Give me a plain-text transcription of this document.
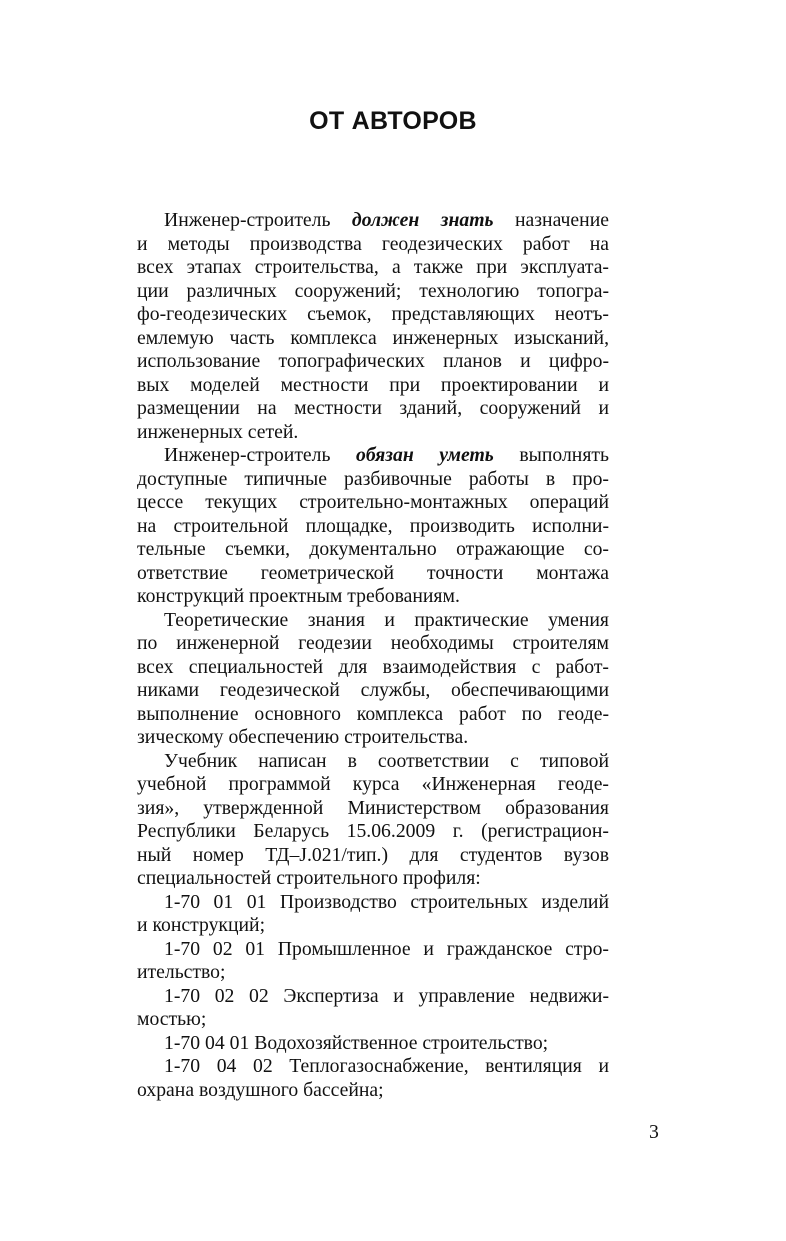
ОТ АВТОРОВ
Инженер-строитель должен знать назначение
и методы производства геодезических работ на
всех этапах строительства, а также при эксплуата-
ции различных сооружений; технологию топогра-
фо-геодезических съемок, представляющих неотъ-
емлемую часть комплекса инженерных изысканий,
использование топографических планов и цифро-
вых моделей местности при проектировании и
размещении на местности зданий, сооружений и
инженерных сетей.
Инженер-строитель обязан уметь выполнять
доступные типичные разбивочные работы в про-
цессе текущих строительно-монтажных операций
на строительной площадке, производить исполни-
тельные съемки, документально отражающие со-
ответствие геометрической точности монтажа
конструкций проектным требованиям.
Теоретические знания и практические умения
по инженерной геодезии необходимы строителям
всех специальностей для взаимодействия с работ-
никами геодезической службы, обеспечивающими
выполнение основного комплекса работ по геоде-
зическому обеспечению строительства.
Учебник написан в соответствии с типовой
учебной программой курса «Инженерная геоде-
зия», утвержденной Министерством образования
Республики Беларусь 15.06.2009 г. (регистрацион-
ный номер ТД–J.021/тип.) для студентов вузов
специальностей строительного профиля:
1-70 01 01 Производство строительных изделий
и конструкций;
1-70 02 01 Промышленное и гражданское стро-
ительство;
1-70 02 02 Экспертиза и управление недвижи-
мостью;
1-70 04 01 Водохозяйственное строительство;
1-70 04 02 Теплогазоснабжение, вентиляция и
охрана воздушного бассейна;
3
